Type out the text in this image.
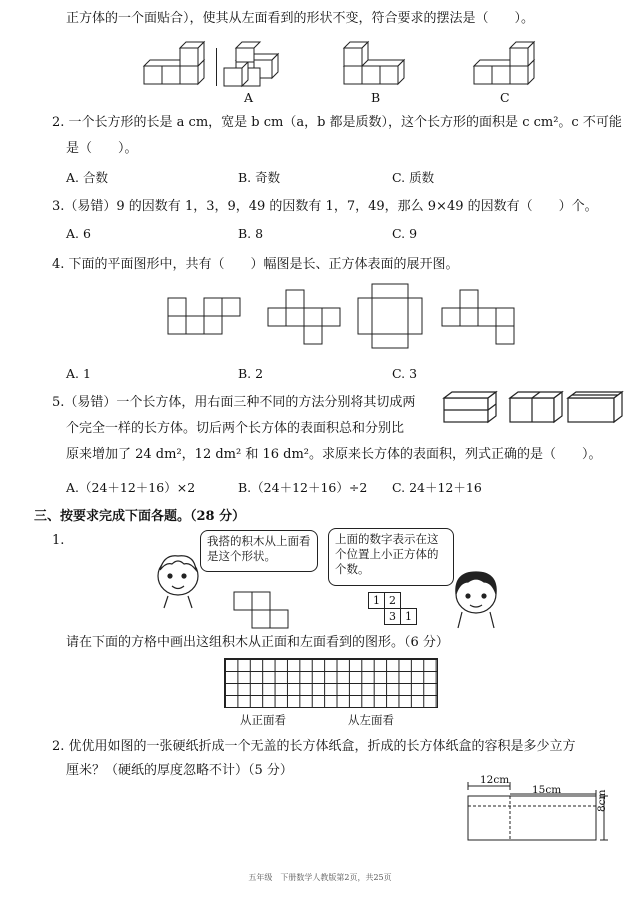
正方体的一个面贴合），使其从左面看到的形状不变，符合要求的摆法是（　　）。
A	B	C
2. 一个长方形的长是 a cm，宽是 b cm（a，b 都是质数），这个长方形的面积是 c cm²。c 不可能
是（　　）。
A. 合数	B. 奇数	C. 质数
3.（易错）9 的因数有 1，3，9，49 的因数有 1，7，49，那么 9×49 的因数有（　　）个。
A. 6	B. 8	C. 9
4. 下面的平面图形中，共有（　　）幅图是长、正方体表面的展开图。
A. 1	B. 2	C. 3
5.（易错）一个长方体，用右面三种不同的方法分别将其切成两
个完全一样的长方体。切后两个长方体的表面积总和分别比
原来增加了 24 dm²，12 dm² 和 16 dm²。求原来长方体的表面积，列式正确的是（　　）。
A.（24＋12＋16）×2	B.（24＋12＋16）÷2 C. 24＋12＋16
三、按要求完成下面各题。（28 分）
1.	我搭的积木从上面看是这个形状。
上面的数字表示在这个位置上小正方体的个数。
1 2
3 1
请在下面的方格中画出这组积木从正面和左面看到的图形。（6 分）
从正面看	从左面看
2. 优优用如图的一张硬纸折成一个无盖的长方体纸盒，折成的长方体纸盒的容积是多少立方
厘米？（硬纸的厚度忽略不计）（5 分）
12cm
15cm	8cm
五年级　下册数学人教版第2页，共25页
